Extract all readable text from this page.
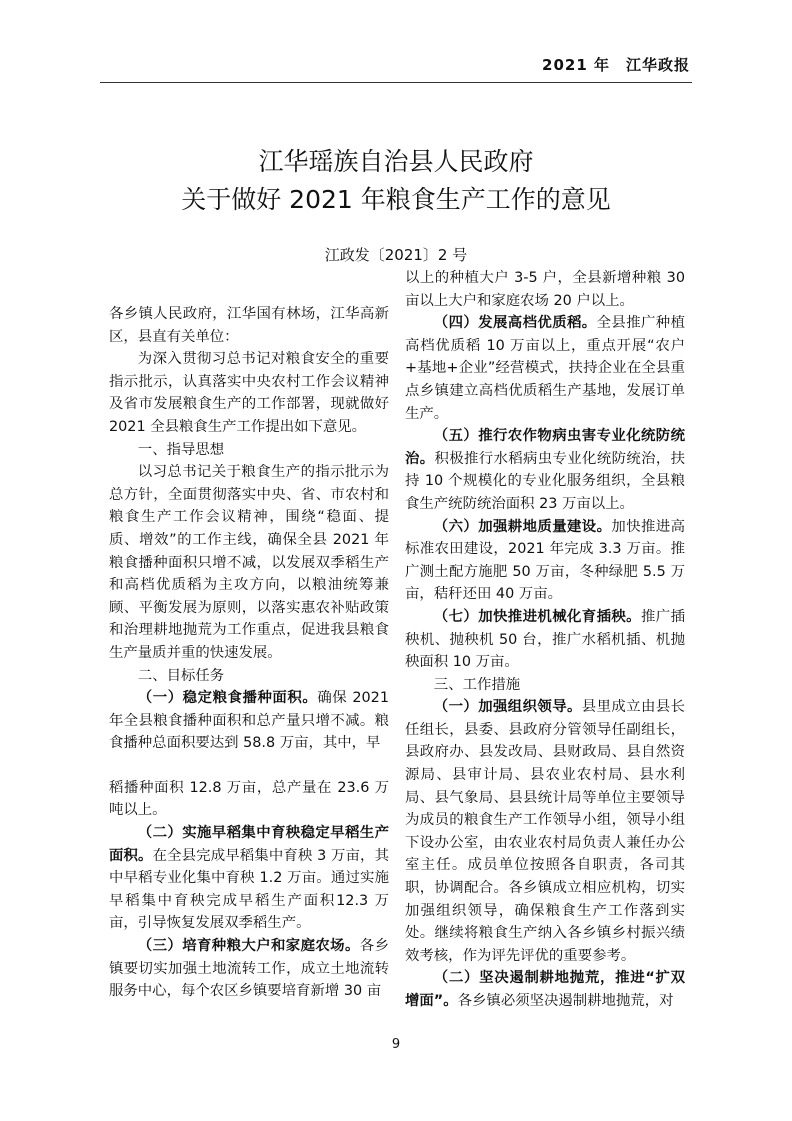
2021 年　江华政报
江华瑶族自治县人民政府
关于做好 2021 年粮食生产工作的意见
江政发〔2021〕2 号

各乡镇人民政府，江华国有林场，江华高新区，县直有关单位：

为深入贯彻习总书记对粮食安全的重要指示批示，认真落实中央农村工作会议精神及省市发展粮食生产的工作部署，现就做好 2021 全县粮食生产工作提出如下意见。

一、指导思想

以习总书记关于粮食生产的指示批示为总方针，全面贯彻落实中央、省、市农村和粮食生产工作会议精神，围绕“稳面、提质、增效”的工作主线，确保全县 2021 年粮食播种面积只增不减，以发展双季稻生产和高档优质稻为主攻方向，以粮油统筹兼顾、平衡发展为原则，以落实惠农补贴政策和治理耕地抛荒为工作重点，促进我县粮食生产量质并重的快速发展。

二、目标任务

（一）稳定粮食播种面积。确保 2021 年全县粮食播种面积和总产量只增不减。粮食播种总面积要达到 58.8 万亩，其中，早

稻播种面积 12.8 万亩，总产量在 23.6 万吨以上。

（二）实施早稻集中育秧稳定早稻生产面积。在全县完成早稻集中育秧 3 万亩，其中早稻专业化集中育秧 1.2 万亩。通过实施早稻集中育秧完成早稻生产面积12.3 万亩，引导恢复发展双季稻生产。

（三）培育种粮大户和家庭农场。各乡镇要切实加强土地流转工作，成立土地流转服务中心，每个农区乡镇要培育新增 30 亩

以上的种植大户 3-5 户，全县新增种粮 30 亩以上大户和家庭农场 20 户以上。

（四）发展高档优质稻。全县推广种植高档优质稻 10 万亩以上，重点开展“农户+基地+企业”经营模式，扶持企业在全县重点乡镇建立高档优质稻生产基地，发展订单生产。

（五）推行农作物病虫害专业化统防统治。积极推行水稻病虫专业化统防统治，扶持 10 个规模化的专业化服务组织，全县粮食生产统防统治面积 23 万亩以上。

（六）加强耕地质量建设。加快推进高标准农田建设，2021 年完成 3.3 万亩。推广测土配方施肥 50 万亩，冬种绿肥 5.5 万亩，秸秆还田 40 万亩。

（七）加快推进机械化育插秧。推广插秧机、抛秧机 50 台，推广水稻机插、机抛秧面积 10 万亩。

三、工作措施

（一）加强组织领导。县里成立由县长任组长，县委、县政府分管领导任副组长，县政府办、县发改局、县财政局、县自然资源局、县审计局、县农业农村局、县水利局、县气象局、县县统计局等单位主要领导为成员的粮食生产工作领导小组，领导小组下设办公室，由农业农村局负责人兼任办公室主任。成员单位按照各自职责，各司其职，协调配合。各乡镇成立相应机构，切实加强组织领导，确保粮食生产工作落到实处。继续将粮食生产纳入各乡镇乡村振兴绩效考核，作为评先评优的重要参考。

（二）坚决遏制耕地抛荒，推进“扩双增面”。各乡镇必须坚决遏制耕地抛荒，对

9
